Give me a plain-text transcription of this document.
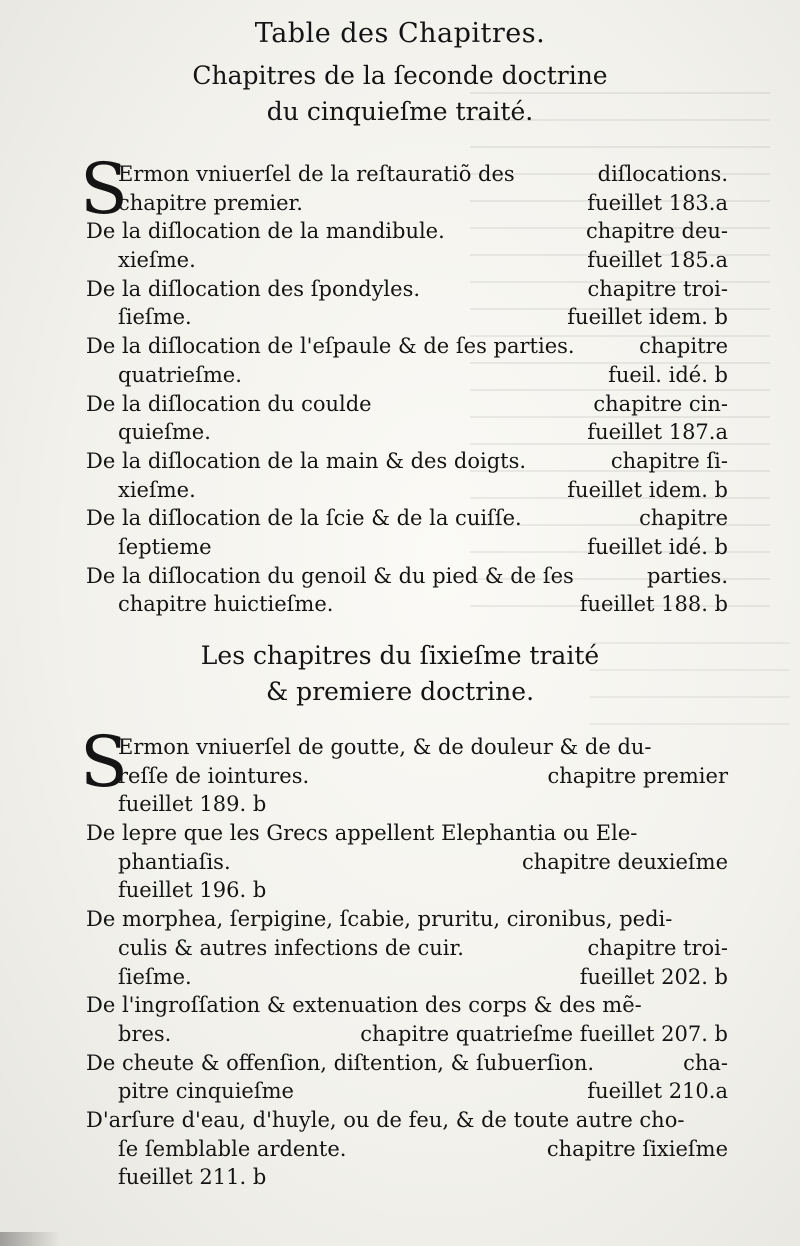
Table des Chapitres.
Chapitres de la ſeconde doctrine
du cinquieſme traité.
S
Ermon vniuerſel de la reſtauratiõ des	diſlocations.
chapitre premier.	fueillet 183.a
De la diſlocation de la mandibule.	chapitre deu-
xieſme.	fueillet 185.a
De la diſlocation des ſpondyles.	chapitre troi-
ſieſme.	fueillet idem. b
De la diſlocation de l'eſpaule & de ſes parties.	chapitre
quatrieſme.	fueil. idé. b
De la diſlocation du coulde	chapitre cin-
quieſme.	fueillet 187.a
De la diſlocation de la main & des doigts.	chapitre ſi-
xieſme.	fueillet idem. b
De la diſlocation de la ſcie & de la cuiſſe.	chapitre
ſeptieme	fueillet idé. b
De la diſlocation du genoil & du pied & de ſes	parties.
chapitre huictieſme.	fueillet 188. b
Les chapitres du ſixieſme traité
& premiere doctrine.
S
Ermon vniuerſel de goutte, & de douleur & de du-
reſſe de iointures.	chapitre premier
fueillet 189. b
De lepre que les Grecs appellent Elephantia ou Ele-
phantiaſis.	chapitre deuxieſme
fueillet 196. b
De morphea, ſerpigine, ſcabie, pruritu, cironibus, pedi-
culis & autres infections de cuir.	chapitre troi-
ſieſme.	fueillet 202. b
De l'ingroſſation & extenuation des corps & des mẽ-
bres.	chapitre quatrieſme fueillet 207. b
De cheute & offenſion, diſtention, & ſubuerſion.	cha-
pitre cinquieſme	fueillet 210.a
D'arſure d'eau, d'huyle, ou de feu, & de toute autre cho-
ſe ſemblable ardente.	chapitre ſixieſme
fueillet 211. b
